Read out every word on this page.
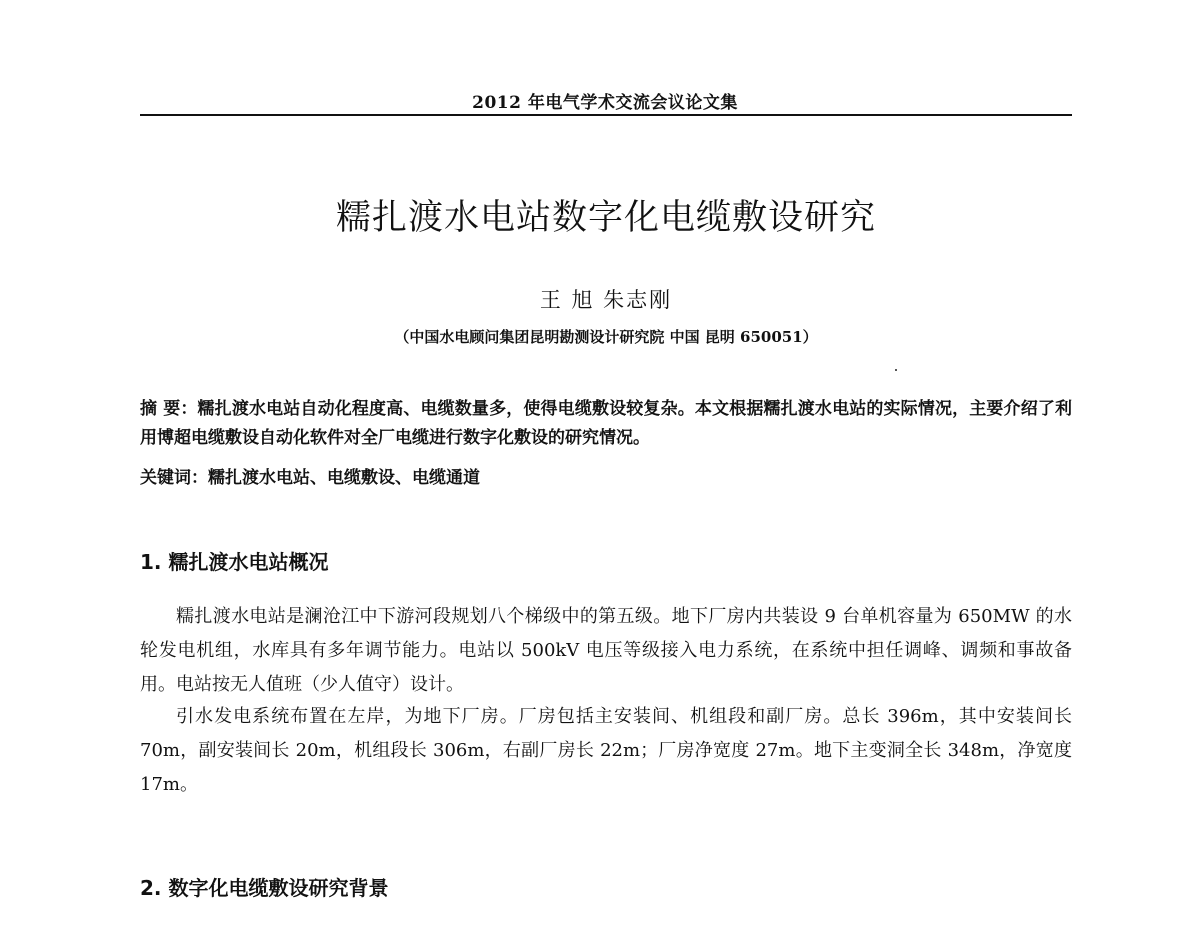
2012 年电气学术交流会议论文集
糯扎渡水电站数字化电缆敷设研究
王 旭 朱志刚
（中国水电顾问集团昆明勘测设计研究院 中国 昆明 650051）
摘 要：糯扎渡水电站自动化程度高、电缆数量多，使得电缆敷设较复杂。本文根据糯扎渡水电站的实际情况，主要介绍了利用博超电缆敷设自动化软件对全厂电缆进行数字化敷设的研究情况。
关键词：糯扎渡水电站、电缆敷设、电缆通道
1. 糯扎渡水电站概况

糯扎渡水电站是澜沧江中下游河段规划八个梯级中的第五级。地下厂房内共装设 9 台单机容量为 650MW 的水轮发电机组，水库具有多年调节能力。电站以 500kV 电压等级接入电力系统，在系统中担任调峰、调频和事故备用。电站按无人值班（少人值守）设计。

引水发电系统布置在左岸，为地下厂房。厂房包括主安装间、机组段和副厂房。总长 396m，其中安装间长 70m，副安装间长 20m，机组段长 306m，右副厂房长 22m；厂房净宽度 27m。地下主变洞全长 348m，净宽度 17m。

2. 数字化电缆敷设研究背景
